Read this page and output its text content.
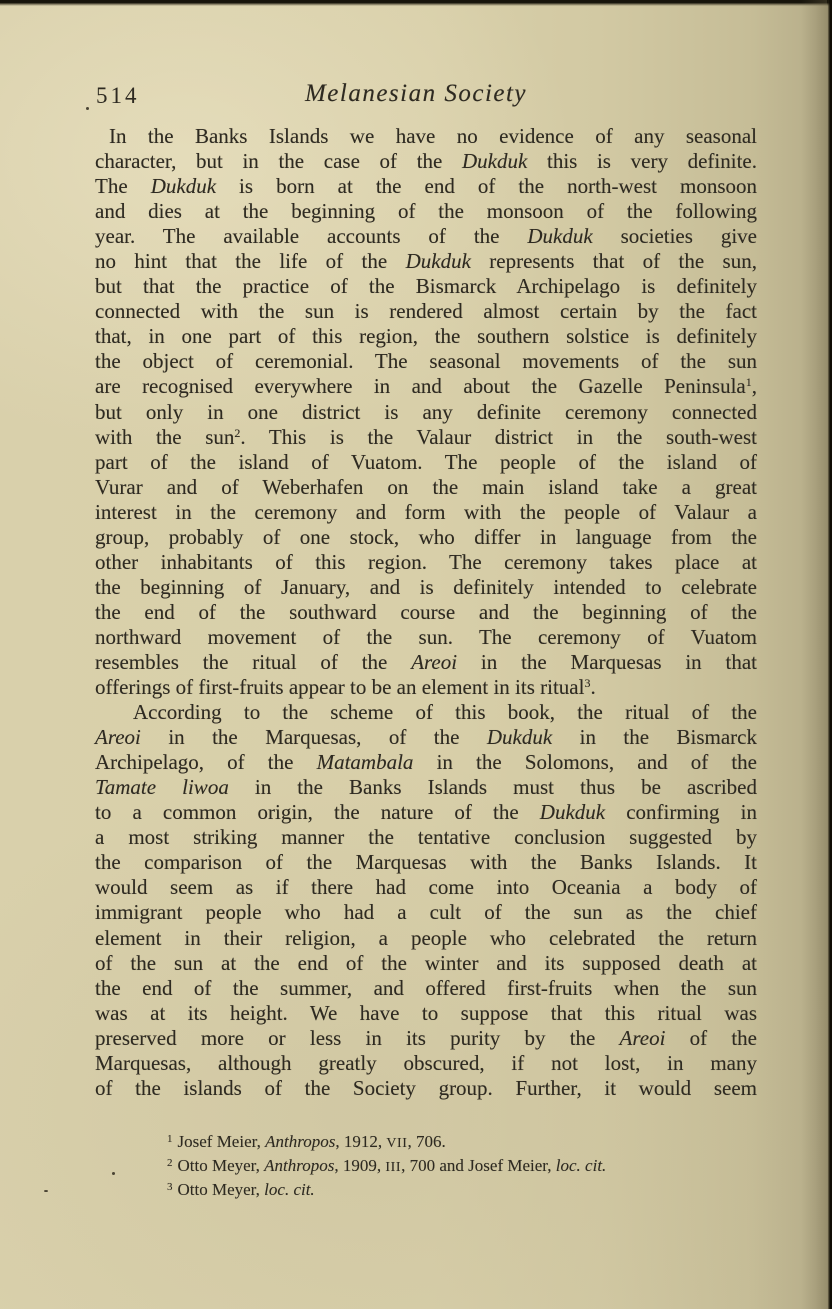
514	Melanesian Society
In the Banks Islands we have no evidence of any seasonal
character, but in the case of the Dukduk this is very definite.
The Dukduk is born at the end of the north-west monsoon
and dies at the beginning of the monsoon of the following
year. The available accounts of the Dukduk societies give
no hint that the life of the Dukduk represents that of the sun,
but that the practice of the Bismarck Archipelago is definitely
connected with the sun is rendered almost certain by the fact
that, in one part of this region, the southern solstice is definitely
the object of ceremonial. The seasonal movements of the sun
are recognised everywhere in and about the Gazelle Peninsula$^1$,
but only in one district is any definite ceremony connected
with the sun$^2$. This is the Valaur district in the south-west
part of the island of Vuatom. The people of the island of
Vurar and of Weberhafen on the main island take a great
interest in the ceremony and form with the people of Valaur a
group, probably of one stock, who differ in language from the
other inhabitants of this region. The ceremony takes place at
the beginning of January, and is definitely intended to celebrate
the end of the southward course and the beginning of the
northward movement of the sun. The ceremony of Vuatom
resembles the ritual of the Areoi in the Marquesas in that
offerings of first-fruits appear to be an element in its ritual$^3$.
According to the scheme of this book, the ritual of the
Areoi in the Marquesas, of the Dukduk in the Bismarck
Archipelago, of the Matambala in the Solomons, and of the
Tamate liwoa in the Banks Islands must thus be ascribed
to a common origin, the nature of the Dukduk confirming in
a most striking manner the tentative conclusion suggested by
the comparison of the Marquesas with the Banks Islands. It
would seem as if there had come into Oceania a body of
immigrant people who had a cult of the sun as the chief
element in their religion, a people who celebrated the return
of the sun at the end of the winter and its supposed death at
the end of the summer, and offered first-fruits when the sun
was at its height. We have to suppose that this ritual was
preserved more or less in its purity by the Areoi of the
Marquesas, although greatly obscured, if not lost, in many
of the islands of the Society group. Further, it would seem
$^1$ Josef Meier, Anthropos, 1912, VII, 706.
$^2$ Otto Meyer, Anthropos, 1909, III, 700 and Josef Meier, loc. cit.
$^3$ Otto Meyer, loc. cit.
